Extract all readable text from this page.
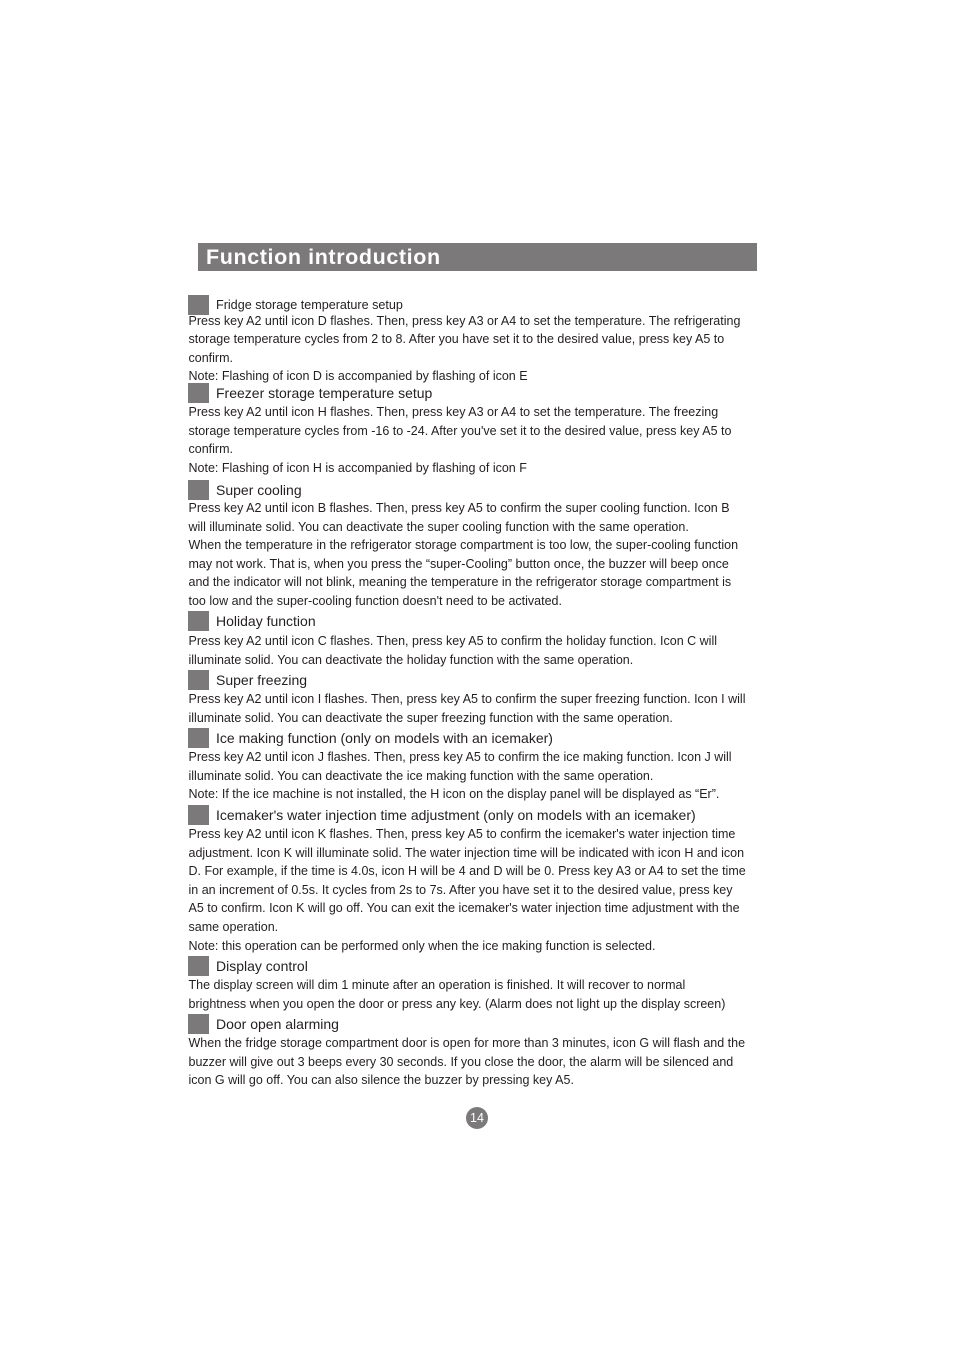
Function introduction
Fridge storage temperature setup

Press key A2 until icon D flashes. Then, press key A3 or A4 to set the temperature. The refrigerating

storage temperature cycles from 2 to 8. After you have set it to the desired value, press key A5 to

confirm.

Note: Flashing of icon D is accompanied by flashing of icon E

Freezer storage temperature setup

Press key A2 until icon H flashes. Then, press key A3 or A4 to set the temperature. The freezing

storage temperature cycles from -16 to -24. After you've set it to the desired value, press key A5 to

confirm.

Note: Flashing of icon H is accompanied by flashing of icon F

Super cooling

Press key A2 until icon B flashes. Then, press key A5 to confirm the super cooling function. Icon B

will illuminate solid. You can deactivate the super cooling function with the same operation.

When the temperature in the refrigerator storage compartment is too low, the super-cooling function

may not work. That is, when you press the “super-Cooling” button once, the buzzer will beep once

and the indicator will not blink, meaning the temperature in the refrigerator storage compartment is

too low and the super-cooling function doesn't need to be activated.

Holiday function

Press key A2 until icon C flashes. Then, press key A5 to confirm the holiday function. Icon C will

illuminate solid. You can deactivate the holiday function with the same operation.

Super freezing

Press key A2 until icon I flashes. Then, press key A5 to confirm the super freezing function. Icon I will

illuminate solid. You can deactivate the super freezing function with the same operation.

Ice making function (only on models with an icemaker)

Press key A2 until icon J flashes. Then, press key A5 to confirm the ice making function. Icon J will

illuminate solid. You can deactivate the ice making function with the same operation.

Note: If the ice machine is not installed, the H icon on the display panel will be displayed as “Er”.

Icemaker's water injection time adjustment (only on models with an icemaker)

Press key A2 until icon K flashes. Then, press key A5 to confirm the icemaker's water injection time

adjustment. Icon K will illuminate solid. The water injection time will be indicated with icon H and icon

D. For example, if the time is 4.0s, icon H will be 4 and D will be 0. Press key A3 or A4 to set the time

in an increment of 0.5s. It cycles from 2s to 7s. After you have set it to the desired value, press key

A5 to confirm. Icon K will go off. You can exit the icemaker's water injection time adjustment with the

same operation.

Note: this operation can be performed only when the ice making function is selected.

Display control

The display screen will dim 1 minute after an operation is finished. It will recover to normal

brightness when you open the door or press any key. (Alarm does not light up the display screen)

Door open alarming

When the fridge storage compartment door is open for more than 3 minutes, icon G will flash and the

buzzer will give out 3 beeps every 30 seconds. If you close the door, the alarm will be silenced and

icon G will go off. You can also silence the buzzer by pressing key A5.

14
